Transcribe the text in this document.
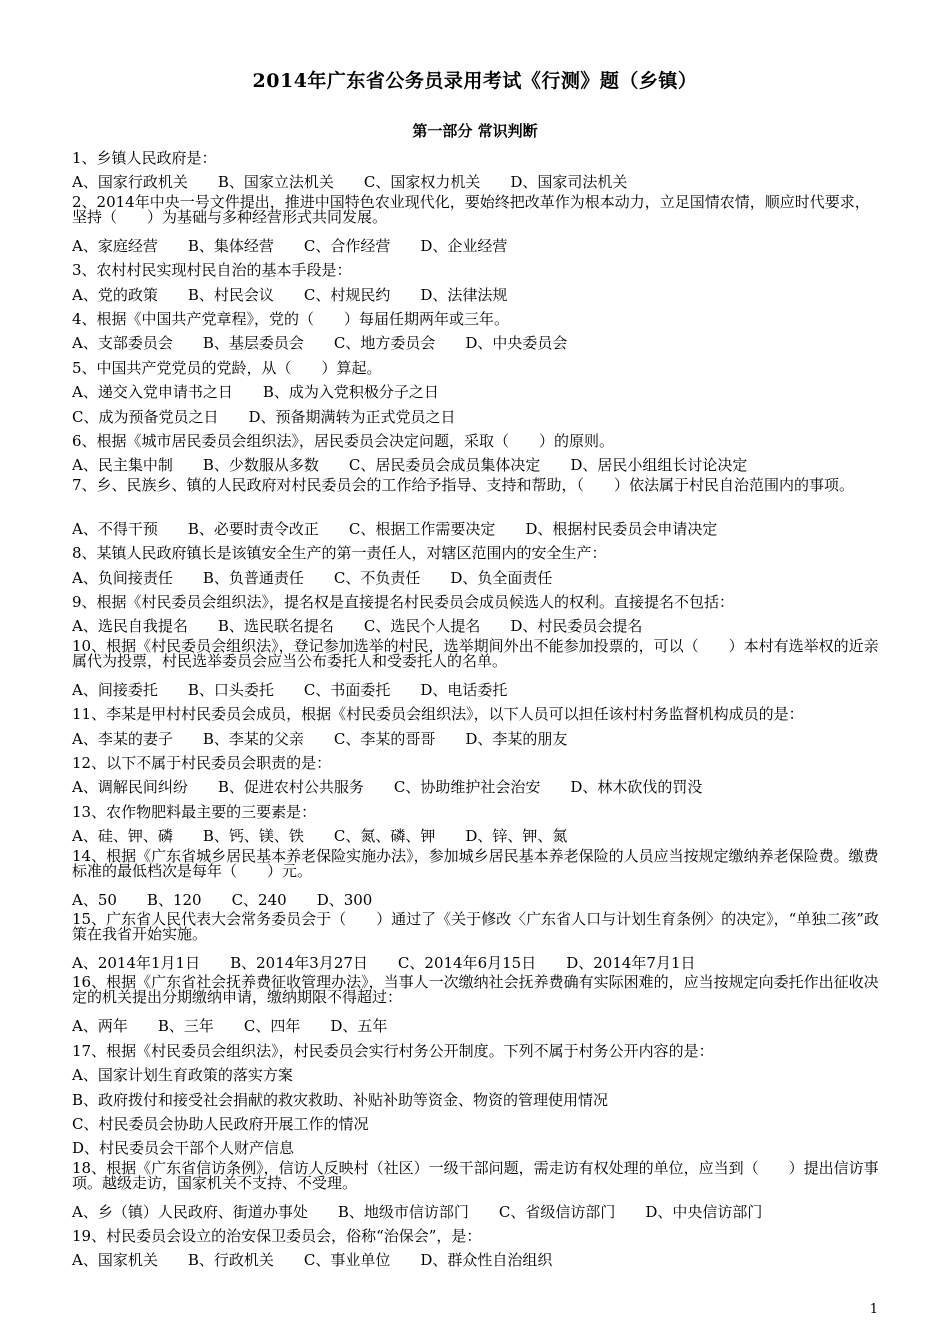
2014年广东省公务员录用考试《行测》题（乡镇）
第一部分 常识判断
1、乡镇人民政府是：
A、国家行政机关 B、国家立法机关 C、国家权力机关 D、国家司法机关
2、2014年中央一号文件提出，推进中国特色农业现代化，要始终把改革作为根本动力，立足国情农情，顺应时代要求，坚持（　　）为基础与多种经营形式共同发展。
A、家庭经营 B、集体经营 C、合作经营 D、企业经营
3、农村村民实现村民自治的基本手段是：
A、党的政策 B、村民会议 C、村规民约 D、法律法规
4、根据《中国共产党章程》，党的（　　）每届任期两年或三年。
A、支部委员会 B、基层委员会 C、地方委员会 D、中央委员会
5、中国共产党党员的党龄，从（　　）算起。
A、递交入党申请书之日 B、成为入党积极分子之日
C、成为预备党员之日 D、预备期满转为正式党员之日
6、根据《城市居民委员会组织法》，居民委员会决定问题，采取（　　）的原则。
A、民主集中制 B、少数服从多数 C、居民委员会成员集体决定 D、居民小组组长讨论决定
7、乡、民族乡、镇的人民政府对村民委员会的工作给予指导、支持和帮助，（　　）依法属于村民自治范围内的事项。
A、不得干预 B、必要时责令改正 C、根据工作需要决定 D、根据村民委员会申请决定
8、某镇人民政府镇长是该镇安全生产的第一责任人，对辖区范围内的安全生产：
A、负间接责任 B、负普通责任 C、不负责任 D、负全面责任
9、根据《村民委员会组织法》，提名权是直接提名村民委员会成员候选人的权利。直接提名不包括：
A、选民自我提名 B、选民联名提名 C、选民个人提名 D、村民委员会提名
10、根据《村民委员会组织法》，登记参加选举的村民，选举期间外出不能参加投票的，可以（　　）本村有选举权的近亲属代为投票，村民选举委员会应当公布委托人和受委托人的名单。
A、间接委托 B、口头委托 C、书面委托 D、电话委托
11、李某是甲村村民委员会成员，根据《村民委员会组织法》，以下人员可以担任该村村务监督机构成员的是：
A、李某的妻子 B、李某的父亲 C、李某的哥哥 D、李某的朋友
12、以下不属于村民委员会职责的是：
A、调解民间纠纷 B、促进农村公共服务 C、协助维护社会治安 D、林木砍伐的罚没
13、农作物肥料最主要的三要素是：
A、硅、钾、磷 B、钙、镁、铁 C、氮、磷、钾 D、锌、钾、氮
14、根据《广东省城乡居民基本养老保险实施办法》，参加城乡居民基本养老保险的人员应当按规定缴纳养老保险费。缴费标准的最低档次是每年（　　）元。
A、50 B、120 C、240 D、300
15、广东省人民代表大会常务委员会于（　　）通过了《关于修改〈广东省人口与计划生育条例〉的决定》，“单独二孩”政策在我省开始实施。
A、2014年1月1日 B、2014年3月27日 C、2014年6月15日 D、2014年7月1日
16、根据《广东省社会抚养费征收管理办法》，当事人一次缴纳社会抚养费确有实际困难的，应当按规定向委托作出征收决定的机关提出分期缴纳申请，缴纳期限不得超过：
A、两年 B、三年 C、四年 D、五年
17、根据《村民委员会组织法》，村民委员会实行村务公开制度。下列不属于村务公开内容的是：
A、国家计划生育政策的落实方案
B、政府拨付和接受社会捐献的救灾救助、补贴补助等资金、物资的管理使用情况
C、村民委员会协助人民政府开展工作的情况
D、村民委员会干部个人财产信息
18、根据《广东省信访条例》，信访人反映村（社区）一级干部问题，需走访有权处理的单位，应当到（　　）提出信访事项。越级走访，国家机关不支持、不受理。
A、乡（镇）人民政府、街道办事处 B、地级市信访部门 C、省级信访部门 D、中央信访部门
19、村民委员会设立的治安保卫委员会，俗称“治保会”，是：
A、国家机关 B、行政机关 C、事业单位 D、群众性自治组织
1
